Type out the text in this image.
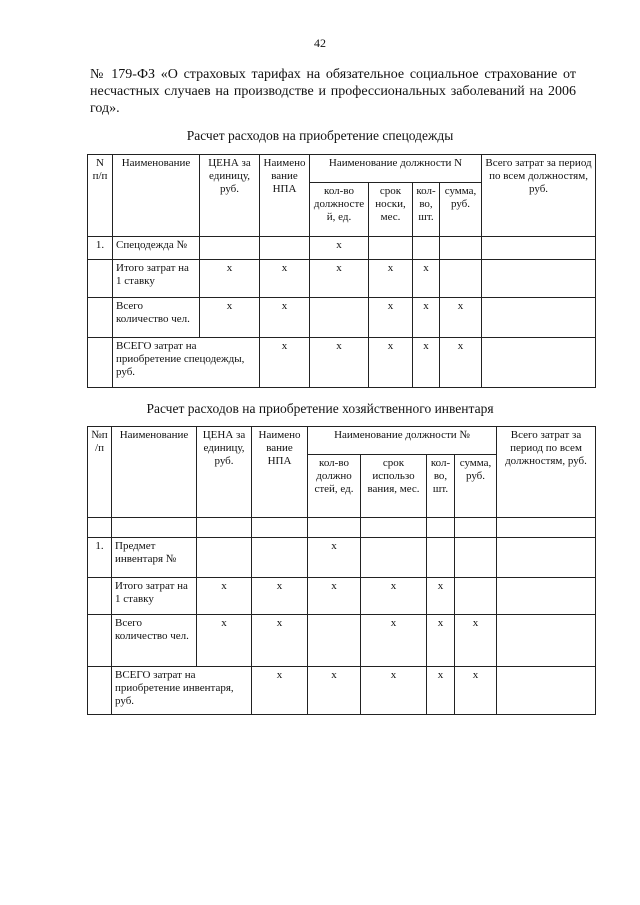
42

№ 179-ФЗ «О страховых тарифах на обязательное социальное страхование от несчастных случаев на производстве и профессиональных заболеваний на 2006 год».

Расчет расходов на приобретение спецодежды
N п/п	Наименование	ЦЕНА за единицу, руб.	Наимено вание НПА	Наименование должности N				Всего затрат за период по всем должностям, руб.
				кол-во должносте й, ед.	срок носки, мес.	кол- во, шт.	сумма, руб.	
1.	Спецодежда №			x				
	Итого затрат на 1 ставку	x	x	x	x	x		
	Всего количество чел.	x	x		x	x	x	
	ВСЕГО затрат на приобретение спецодежды, руб.		x	x	x	x	x	
Расчет расходов на приобретение хозяйственного инвентаря
№п /п	Наименование	ЦЕНА за единицу, руб.	Наимено вание НПА	Наименование должности №				Всего затрат за период по всем должностям, руб.
				кол-во должно стей, ед.	срок использо вания, мес.	кол- во, шт.	сумма, руб.	

1.	Предмет инвентаря №			x				
	Итого затрат на 1 ставку	x	x	x	x	x		
	Всего количество чел.	x	x		x	x	x	
	ВСЕГО затрат на приобретение инвентаря, руб.		x	x	x	x	x	
